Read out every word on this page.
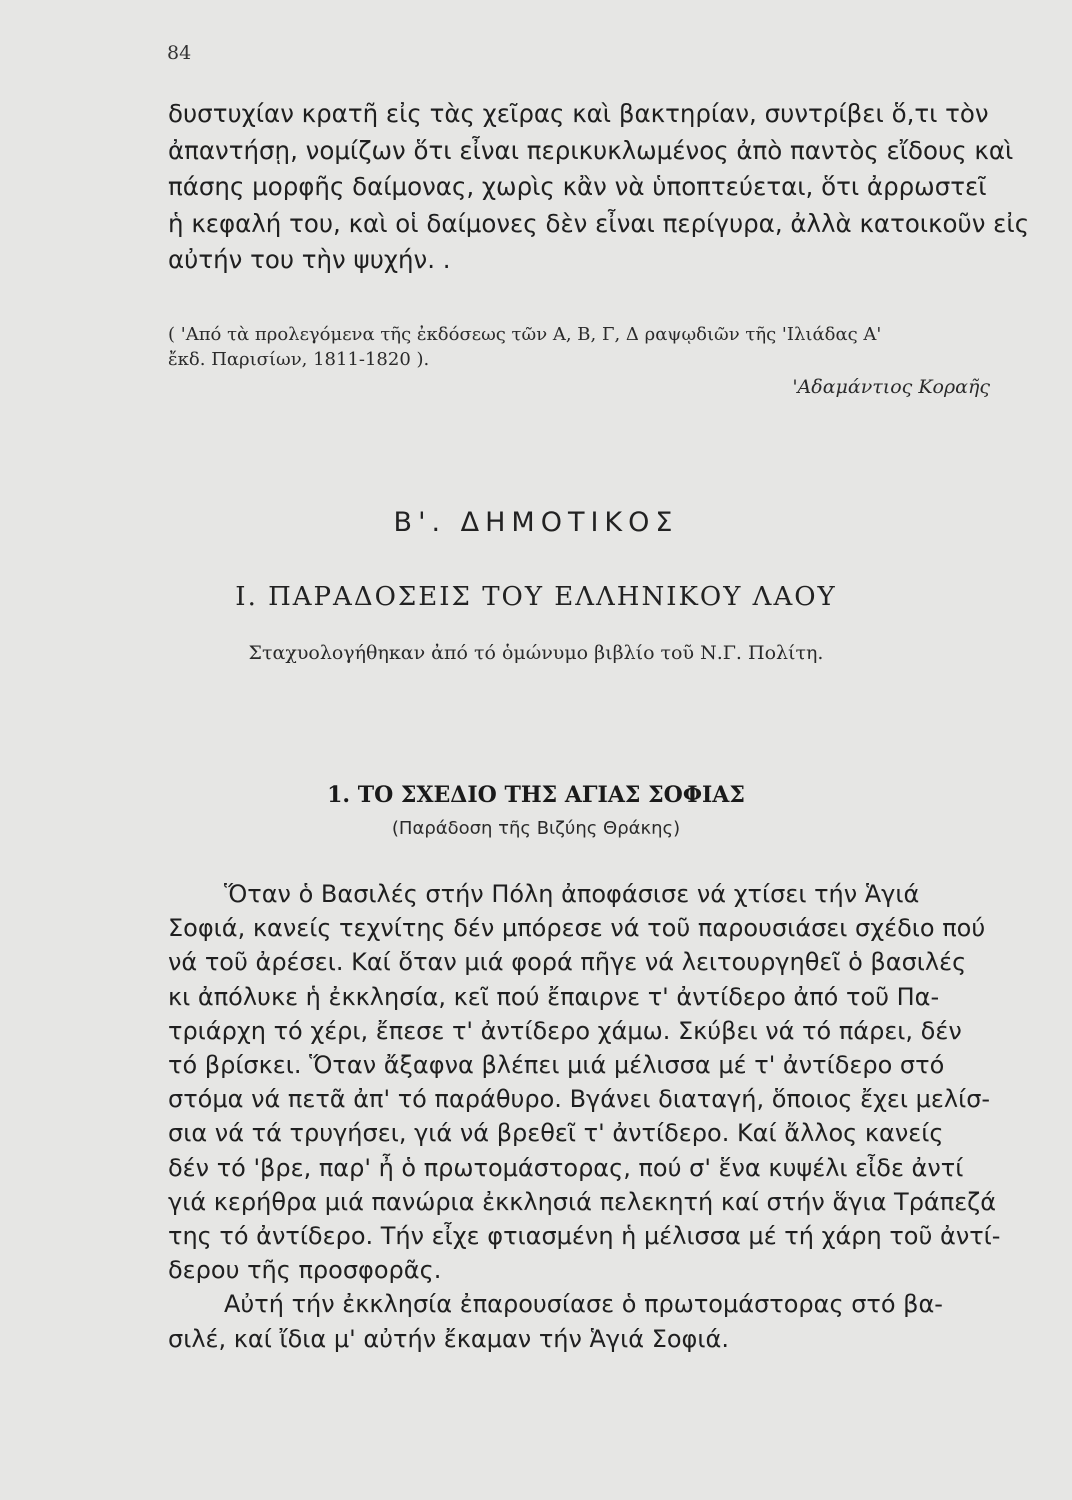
84
δυστυχίαν κρατῆ εἰς τὰς χεῖρας καὶ βακτηρίαν, συντρίβει ὅ,τι τὸν
ἀπαντήσῃ, νομίζων ὅτι εἶναι περικυκλωμένος ἀπὸ παντὸς εἴδους καὶ
πάσης μορφῆς δαίμονας, χωρὶς κἂν νὰ ὑποπτεύεται, ὅτι ἀρρωστεῖ
ἡ κεφαλή του, καὶ οἱ δαίμονες δὲν εἶναι περίγυρα, ἀλλὰ κατοικοῦν εἰς
αὐτήν του τὴν ψυχήν. .
( 'Από τὰ προλεγόμενα τῆς ἐκδόσεως τῶν Α, Β, Γ, Δ ραψῳδιῶν τῆς 'Ιλιάδας Α'
ἔκδ. Παρισίων, 1811-1820 ).
'Αδαμάντιος Κοραῆς
Β'. ΔΗΜΟΤΙΚΟΣ
Ι. ΠΑΡΑΔΟΣΕΙΣ ΤΟΥ ΕΛΛΗΝΙΚΟΥ ΛΑΟΥ
Σταχυολογήθηκαν ἀπό τό ὁμώνυμο βιβλίο τοῦ Ν.Γ. Πολίτη.
1. ΤΟ ΣΧΕΔΙΟ ΤΗΣ ΑΓΙΑΣ ΣΟΦΙΑΣ
(Παράδοση τῆς Βιζύης Θράκης)
Ὅταν ὁ Βασιλές στήν Πόλη ἀποφάσισε νά χτίσει τήν Ἁγιά
Σοφιά, κανείς τεχνίτης δέν μπόρεσε νά τοῦ παρουσιάσει σχέδιο πού
νά τοῦ ἀρέσει. Καί ὅταν μιά φορά πῆγε νά λειτουργηθεῖ ὁ βασιλές
κι ἀπόλυκε ἡ ἐκκλησία, κεῖ πού ἔπαιρνε τ' ἀντίδερο ἀπό τοῦ Πα-
τριάρχη τό χέρι, ἔπεσε τ' ἀντίδερο χάμω. Σκύβει νά τό πάρει, δέν
τό βρίσκει. Ὅταν ἄξαφνα βλέπει μιά μέλισσα μέ τ' ἀντίδερο στό
στόμα νά πετᾶ ἀπ' τό παράθυρο. Βγάνει διαταγή, ὅποιος ἔχει μελίσ-
σια νά τά τρυγήσει, γιά νά βρεθεῖ τ' ἀντίδερο. Καί ἄλλος κανείς
δέν τό 'βρε, παρ' ἦ ὁ πρωτομάστορας, πού σ' ἕνα κυψέλι εἶδε ἀντί
γιά κερήθρα μιά πανώρια ἐκκλησιά πελεκητή καί στήν ἅγια Τράπεζά
της τό ἀντίδερο. Τήν εἶχε φτιασμένη ἡ μέλισσα μέ τή χάρη τοῦ ἀντί-
δερου τῆς προσφορᾶς.
Αὐτή τήν ἐκκλησία ἐπαρουσίασε ὁ πρωτομάστορας στό βα-
σιλέ, καί ἴδια μ' αὐτήν ἔκαμαν τήν Ἁγιά Σοφιά.
